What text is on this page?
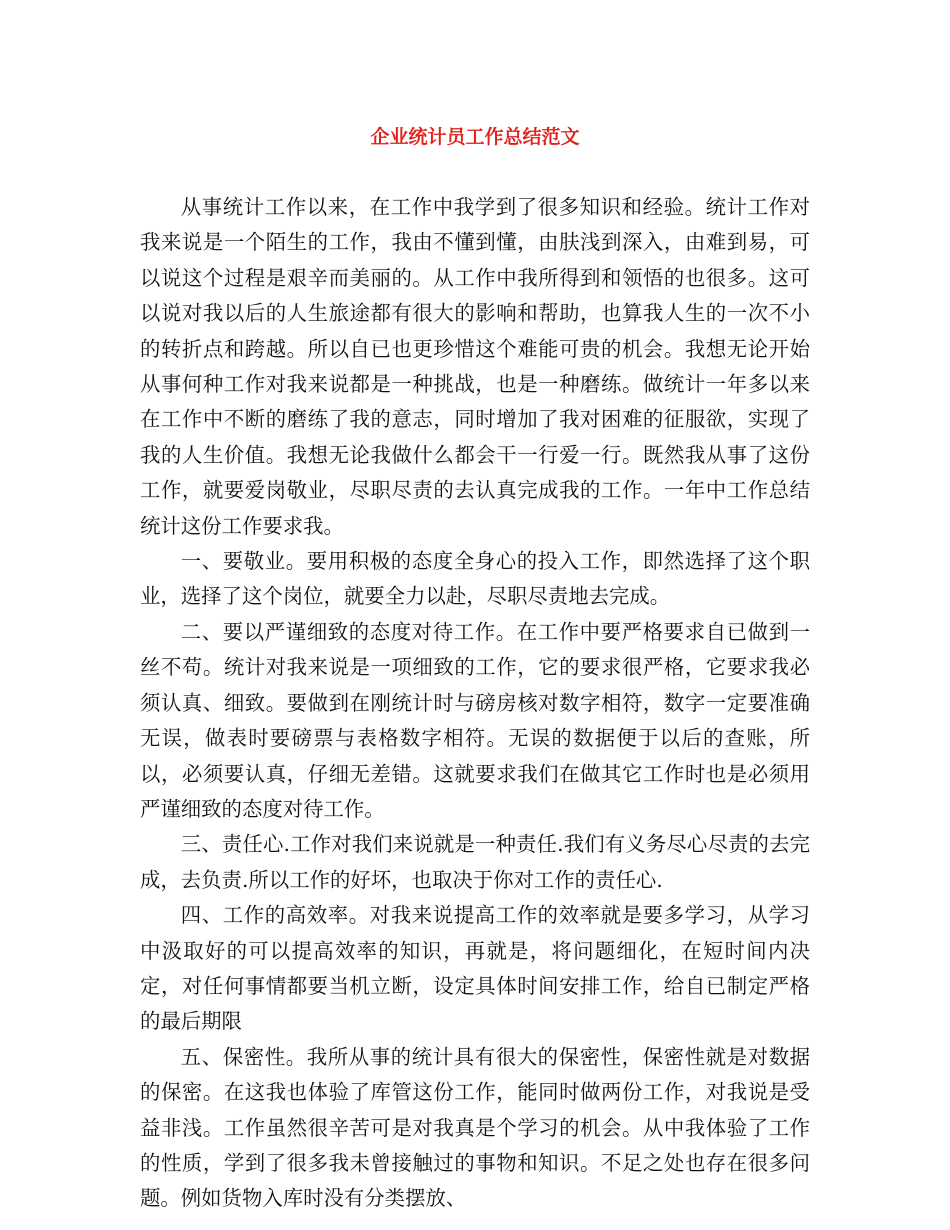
企业统计员工作总结范文

从事统计工作以来，在工作中我学到了很多知识和经验。统计工作对我来说是一个陌生的工作，我由不懂到懂，由肤浅到深入，由难到易，可以说这个过程是艰辛而美丽的。从工作中我所得到和领悟的也很多。这可以说对我以后的人生旅途都有很大的影响和帮助，也算我人生的一次不小的转折点和跨越。所以自已也更珍惜这个难能可贵的机会。我想无论开始从事何种工作对我来说都是一种挑战，也是一种磨练。做统计一年多以来在工作中不断的磨练了我的意志，同时增加了我对困难的征服欲，实现了我的人生价值。我想无论我做什么都会干一行爱一行。既然我从事了这份工作，就要爱岗敬业，尽职尽责的去认真完成我的工作。一年中工作总结统计这份工作要求我。

一、要敬业。要用积极的态度全身心的投入工作，即然选择了这个职业，选择了这个岗位，就要全力以赴，尽职尽责地去完成。

二、要以严谨细致的态度对待工作。在工作中要严格要求自已做到一丝不苟。统计对我来说是一项细致的工作，它的要求很严格，它要求我必须认真、细致。要做到在刚统计时与磅房核对数字相符，数字一定要准确无误，做表时要磅票与表格数字相符。无误的数据便于以后的查账，所以，必须要认真，仔细无差错。这就要求我们在做其它工作时也是必须用严谨细致的态度对待工作。

三、责任心.工作对我们来说就是一种责任.我们有义务尽心尽责的去完成，去负责.所以工作的好坏，也取决于你对工作的责任心.

四、工作的高效率。对我来说提高工作的效率就是要多学习，从学习中汲取好的可以提高效率的知识，再就是，将问题细化，在短时间内决定，对任何事情都要当机立断，设定具体时间安排工作，给自已制定严格的最后期限

五、保密性。我所从事的统计具有很大的保密性，保密性就是对数据的保密。在这我也体验了库管这份工作，能同时做两份工作，对我说是受益非浅。工作虽然很辛苦可是对我真是个学习的机会。从中我体验了工作的性质，学到了很多我未曾接触过的事物和知识。不足之处也存在很多问题。例如货物入库时没有分类摆放、
